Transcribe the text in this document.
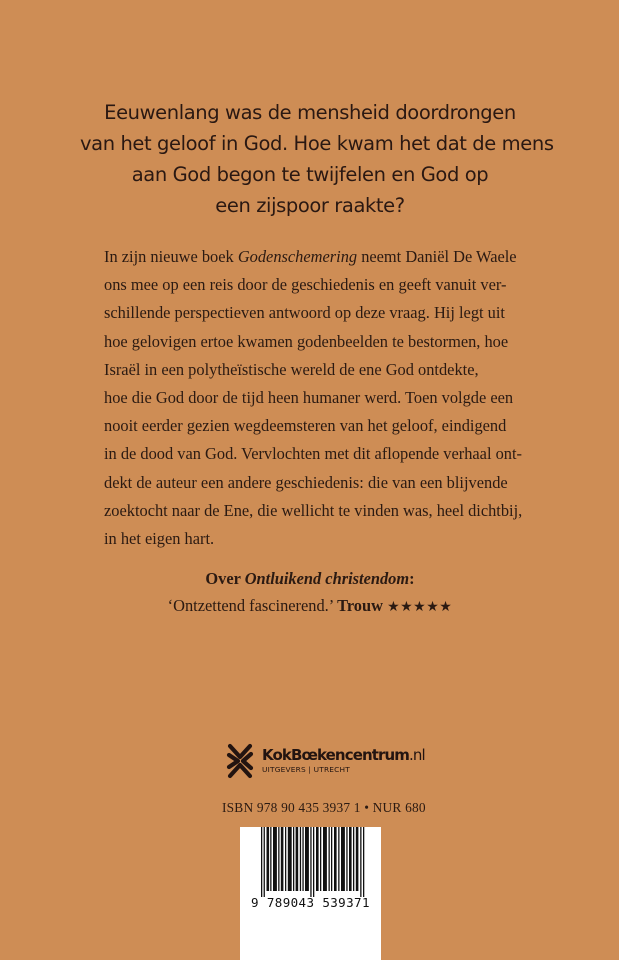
Eeuwenlang was de mensheid doordrongen
van het geloof in God. Hoe kwam het dat de mens
aan God begon te twijfelen en God op
een zijspoor raakte?
In zijn nieuwe boek Godenschemering neemt Daniël De Waele
ons mee op een reis door de geschiedenis en geeft vanuit ver-
schillende perspectieven antwoord op deze vraag. Hij legt uit
hoe gelovigen ertoe kwamen godenbeelden te bestormen, hoe
Israël in een polytheïstische wereld de ene God ontdekte,
hoe die God door de tijd heen humaner werd. Toen volgde een
nooit eerder gezien wegdeemsteren van het geloof, eindigend
in de dood van God. Vervlochten met dit aflopende verhaal ont-
dekt de auteur een andere geschiedenis: die van een blijvende
zoektocht naar de Ene, die wellicht te vinden was, heel dichtbij,
in het eigen hart.
Over Ontluikend christendom:
‘Ontzettend fascinerend.’ Trouw ★★★★★
KokBœkencentrum.nl
UITGEVERS | UTRECHT
ISBN 978 90 435 3937 1 • NUR 680
9 789043 539371
